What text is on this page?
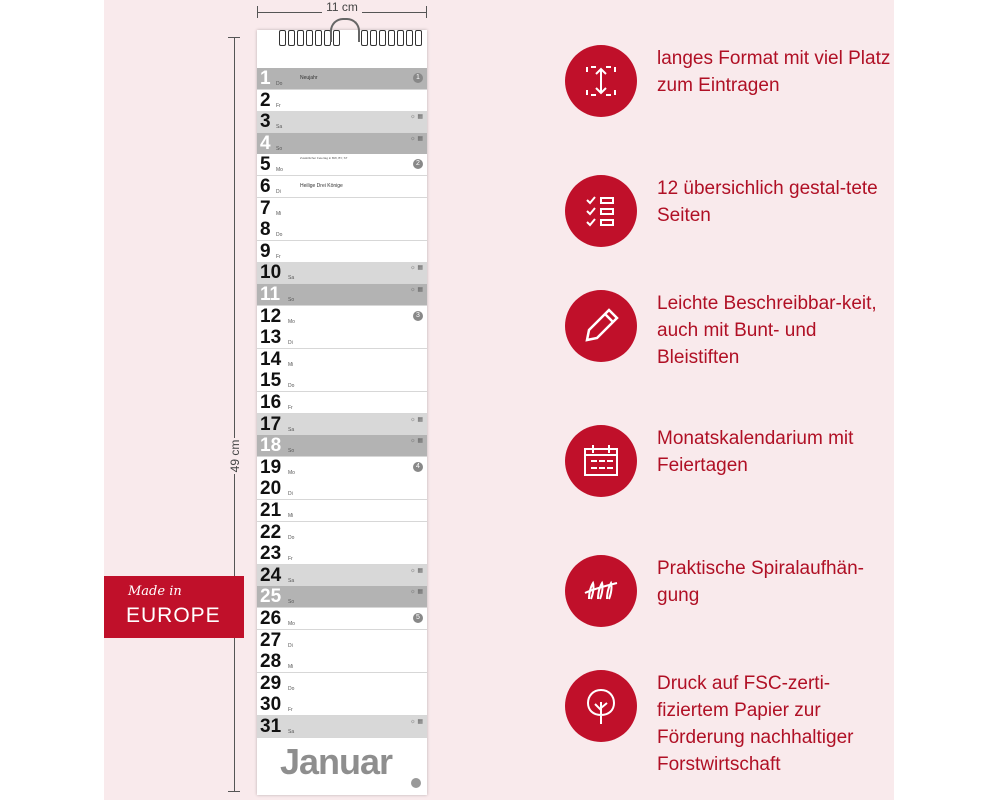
11 cm
49 cm
Made in
EUROPE
1 Do
Neujahr	1
2 Fr
3 Sa
☼ ▦
4 So
☼ ▦
5 Mo
Zusätzlicher Feiertag in BW, BY, ST
2
6 Di
Heilige Drei Könige
7 Mi
8 Do
9 Fr
10 Sa
☼ ▦
11 So
☼ ▦
12 Mo
3
13 Di
14 Mi
15 Do
16 Fr
17 Sa
☼ ▦
18 So
☼ ▦
19 Mo
4
20 Di
21 Mi
22 Do
23 Fr
24 Sa
☼ ▦
25 So
☼ ▦
26 Mo
5
27 Di
28 Mi
29 Do
30 Fr
31 Sa
☼ ▦
Januar
langes Format mit viel Platz zum Eintragen
12 übersichlich gestal-tete Seiten
Leichte Beschreibbar-keit, auch mit Bunt- und Bleistiften
Monatskalendarium mit Feiertagen
Praktische Spiralaufhän-gung
Druck auf FSC-zerti-fiziertem Papier zur Förderung nachhaltiger Forstwirtschaft
